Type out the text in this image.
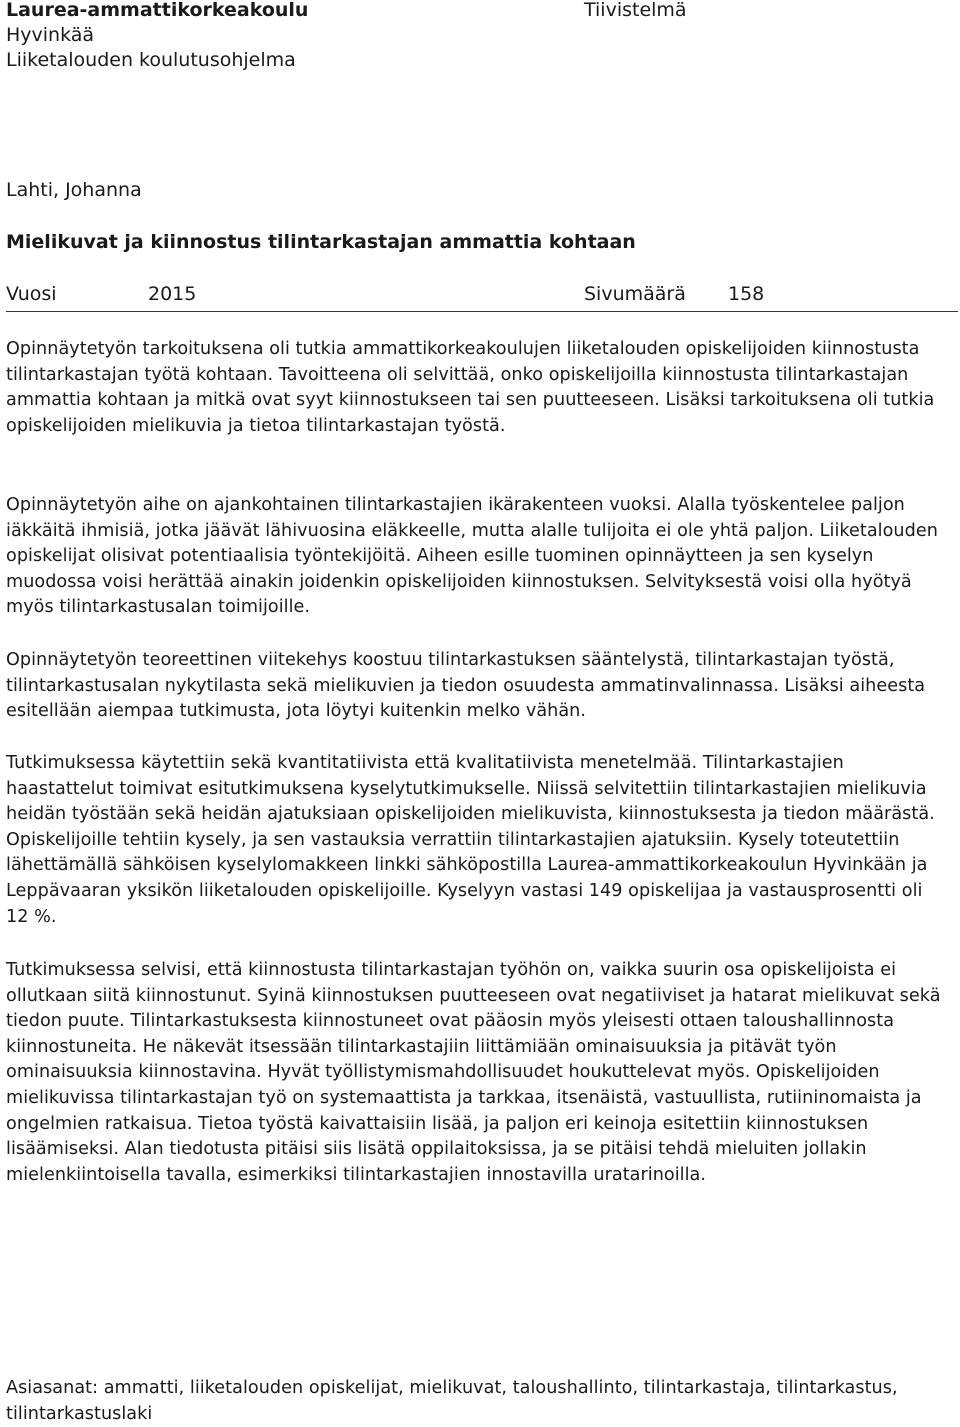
Laurea-ammattikorkeakoulu
Hyvinkää
Liiketalouden koulutusohjelma
Tiivistelmä
Lahti, Johanna
Mielikuvat ja kiinnostus tilintarkastajan ammattia kohtaan
Vuosi	2015	Sivumäärä 158

Opinnäytetyön tarkoituksena oli tutkia ammattikorkeakoulujen liiketalouden opiskelijoiden kiinnostusta tilintarkastajan työtä kohtaan. Tavoitteena oli selvittää, onko opiskelijoilla kiinnostusta tilintarkastajan ammattia kohtaan ja mitkä ovat syyt kiinnostukseen tai sen puutteeseen. Lisäksi tarkoituksena oli tutkia opiskelijoiden mielikuvia ja tietoa tilintarkastajan työstä.

Opinnäytetyön aihe on ajankohtainen tilintarkastajien ikärakenteen vuoksi. Alalla työskentelee paljon iäkkäitä ihmisiä, jotka jäävät lähivuosina eläkkeelle, mutta alalle tulijoita ei ole yhtä paljon. Liiketalouden opiskelijat olisivat potentiaalisia työntekijöitä. Aiheen esille tuominen opinnäytteen ja sen kyselyn muodossa voisi herättää ainakin joidenkin opiskelijoiden kiinnostuksen. Selvityksestä voisi olla hyötyä myös tilintarkastusalan toimijoille.

Opinnäytetyön teoreettinen viitekehys koostuu tilintarkastuksen sääntelystä, tilintarkastajan työstä, tilintarkastusalan nykytilasta sekä mielikuvien ja tiedon osuudesta ammatinvalinnassa. Lisäksi aiheesta esitellään aiempaa tutkimusta, jota löytyi kuitenkin melko vähän.

Tutkimuksessa käytettiin sekä kvantitatiivista että kvalitatiivista menetelmää. Tilintarkastajien haastattelut toimivat esitutkimuksena kyselytutkimukselle. Niissä selvitettiin tilintarkastajien mielikuvia heidän työstään sekä heidän ajatuksiaan opiskelijoiden mielikuvista, kiinnostuksesta ja tiedon määrästä. Opiskelijoille tehtiin kysely, ja sen vastauksia verrattiin tilintarkastajien ajatuksiin. Kysely toteutettiin lähettämällä sähköisen kyselylomakkeen linkki sähköpostilla Laurea-ammattikorkeakoulun Hyvinkään ja Leppävaaran yksikön liiketalouden opiskelijoille. Kyselyyn vastasi 149 opiskelijaa ja vastausprosentti oli 12 %.

Tutkimuksessa selvisi, että kiinnostusta tilintarkastajan työhön on, vaikka suurin osa opiskelijoista ei ollutkaan siitä kiinnostunut. Syinä kiinnostuksen puutteeseen ovat negatiiviset ja hatarat mielikuvat sekä tiedon puute. Tilintarkastuksesta kiinnostuneet ovat pääosin myös yleisesti ottaen taloushallinnosta kiinnostuneita. He näkevät itsessään tilintarkastajiin liittämiään ominaisuuksia ja pitävät työn ominaisuuksia kiinnostavina. Hyvät työllistymismahdollisuudet houkuttelevat myös. Opiskelijoiden mielikuvissa tilintarkastajan työ on systemaattista ja tarkkaa, itsenäistä, vastuullista, rutiininomaista ja ongelmien ratkaisua. Tietoa työstä kaivattaisiin lisää, ja paljon eri keinoja esitettiin kiinnostuksen lisäämiseksi. Alan tiedotusta pitäisi siis lisätä oppilaitoksissa, ja se pitäisi tehdä mieluiten jollakin mielenkiintoisella tavalla, esimerkiksi tilintarkastajien innostavilla uratarinoilla.

Asiasanat: ammatti, liiketalouden opiskelijat, mielikuvat, taloushallinto, tilintarkastaja, tilintarkastus, tilintarkastuslaki
